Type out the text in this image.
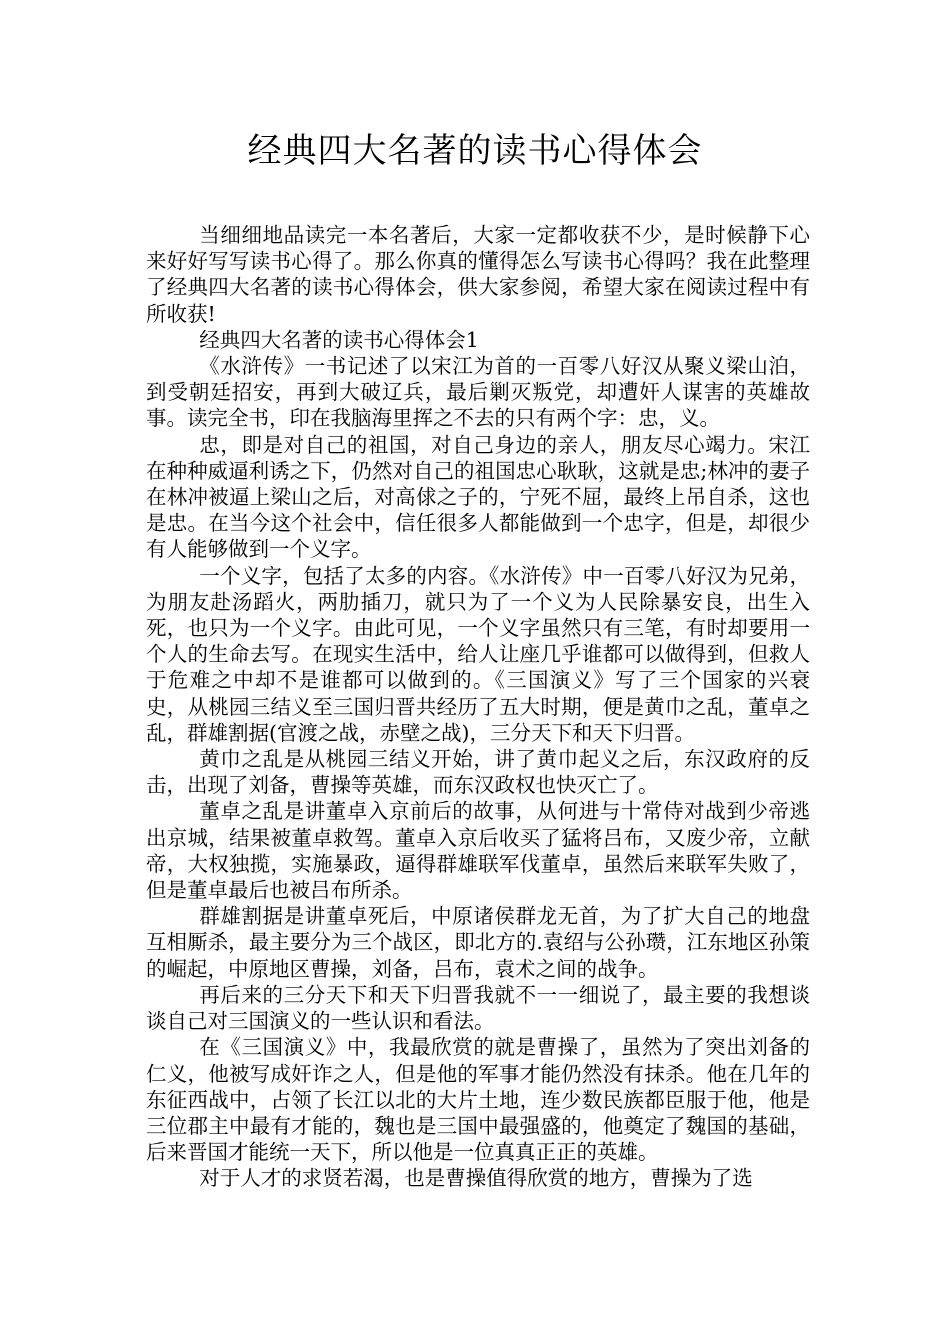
经典四大名著的读书心得体会

当细细地品读完一本名著后，大家一定都收获不少，是时候静下心来好好写写读书心得了。那么你真的懂得怎么写读书心得吗？我在此整理了经典四大名著的读书心得体会，供大家参阅，希望大家在阅读过程中有所收获!

经典四大名著的读书心得体会1

《水浒传》一书记述了以宋江为首的一百零八好汉从聚义梁山泊，到受朝廷招安，再到大破辽兵，最后剿灭叛党，却遭奸人谋害的英雄故事。读完全书，印在我脑海里挥之不去的只有两个字：忠，义。

忠，即是对自己的祖国，对自己身边的亲人，朋友尽心竭力。宋江在种种威逼利诱之下，仍然对自己的祖国忠心耿耿，这就是忠;林冲的妻子在林冲被逼上梁山之后，对高俅之子的，宁死不屈，最终上吊自杀，这也是忠。在当今这个社会中，信任很多人都能做到一个忠字，但是，却很少有人能够做到一个义字。

一个义字，包括了太多的内容。《水浒传》中一百零八好汉为兄弟，为朋友赴汤蹈火，两肋插刀，就只为了一个义为人民除暴安良，出生入死，也只为一个义字。由此可见，一个义字虽然只有三笔，有时却要用一个人的生命去写。在现实生活中，给人让座几乎谁都可以做得到，但救人于危难之中却不是谁都可以做到的。《三国演义》写了三个国家的兴衰史，从桃园三结义至三国归晋共经历了五大时期，便是黄巾之乱，董卓之乱，群雄割据(官渡之战，赤壁之战)，三分天下和天下归晋。

黄巾之乱是从桃园三结义开始，讲了黄巾起义之后，东汉政府的反击，出现了刘备，曹操等英雄，而东汉政权也快灭亡了。

董卓之乱是讲董卓入京前后的故事，从何进与十常侍对战到少帝逃出京城，结果被董卓救驾。董卓入京后收买了猛将吕布，又废少帝，立献帝，大权独揽，实施暴政，逼得群雄联军伐董卓，虽然后来联军失败了，但是董卓最后也被吕布所杀。

群雄割据是讲董卓死后，中原诸侯群龙无首，为了扩大自己的地盘互相厮杀，最主要分为三个战区，即北方的.袁绍与公孙瓒，江东地区孙策的崛起，中原地区曹操，刘备，吕布，袁术之间的战争。

再后来的三分天下和天下归晋我就不一一细说了，最主要的我想谈谈自己对三国演义的一些认识和看法。

在《三国演义》中，我最欣赏的就是曹操了，虽然为了突出刘备的仁义，他被写成奸诈之人，但是他的军事才能仍然没有抹杀。他在几年的东征西战中，占领了长江以北的大片土地，连少数民族都臣服于他，他是三位郡主中最有才能的，魏也是三国中最强盛的，他奠定了魏国的基础，后来晋国才能统一天下，所以他是一位真真正正的英雄。

对于人才的求贤若渴，也是曹操值得欣赏的地方，曹操为了选
